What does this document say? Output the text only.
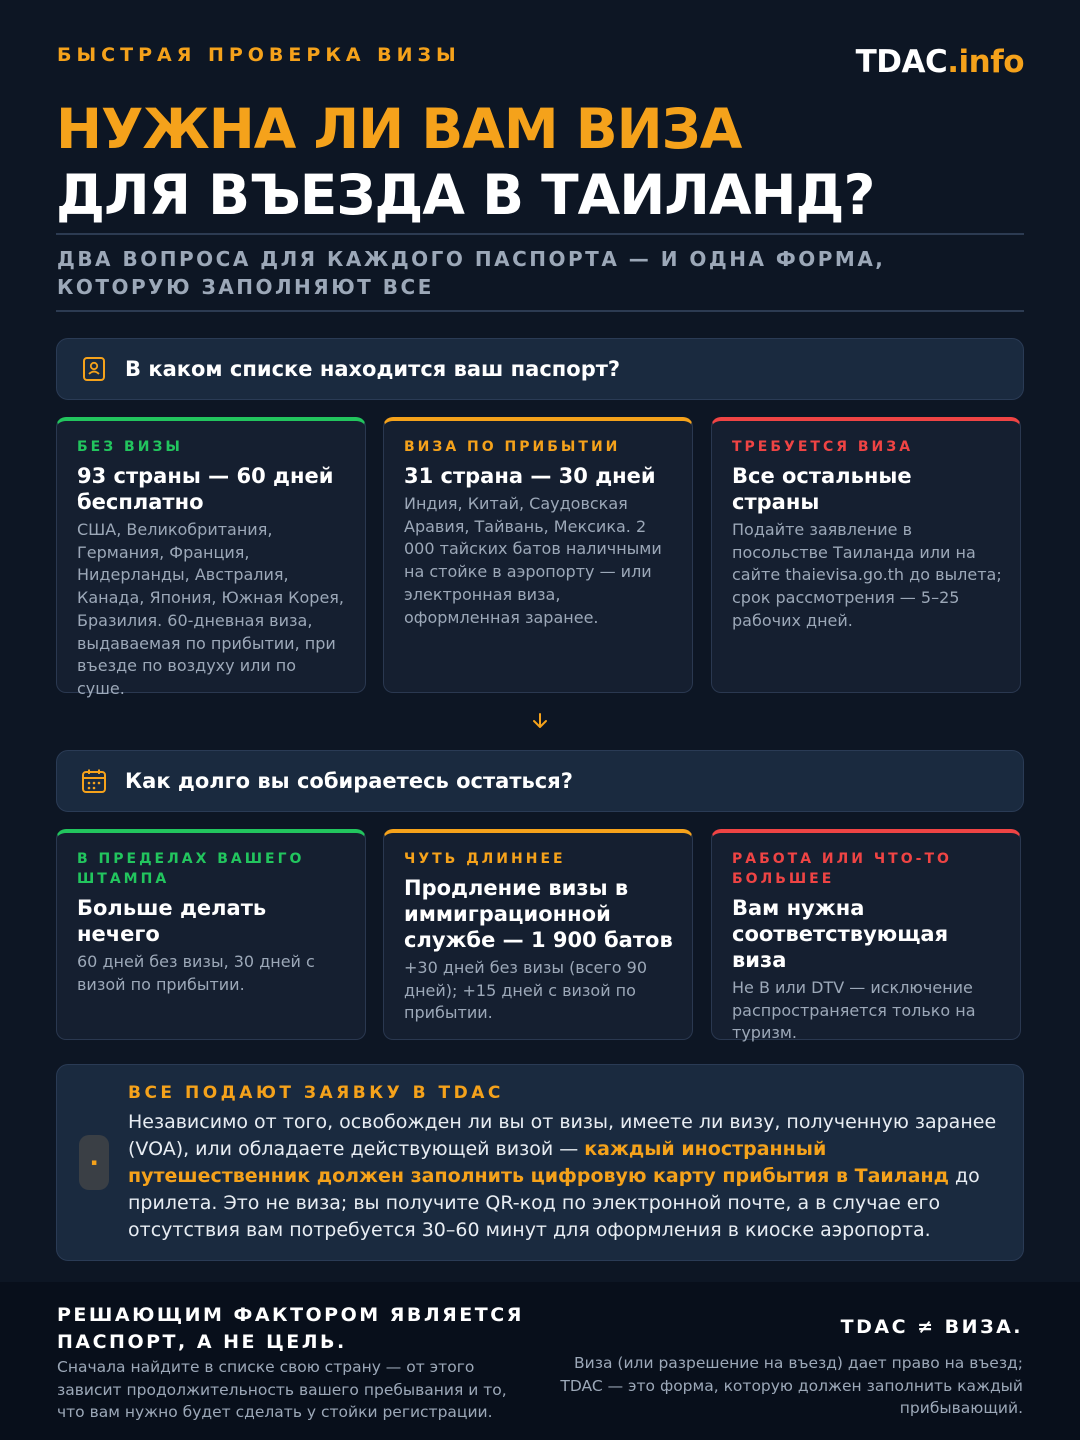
БЫСТРАЯ ПРОВЕРКА ВИЗЫ	TDAC.info
НУЖНА ЛИ ВАМ ВИЗА
ДЛЯ ВЪЕЗДА В ТАИЛАНД?
ДВА ВОПРОСА ДЛЯ КАЖДОГО ПАСПОРТА — И ОДНА ФОРМА, КОТОРУЮ ЗАПОЛНЯЮТ ВСЕ
В каком списке находится ваш паспорт?
БЕЗ ВИЗЫ
93 страны — 60 дней бесплатно
США, Великобритания, Германия, Франция, Нидерланды, Австралия, Канада, Япония, Южная Корея, Бразилия. 60-дневная виза, выдаваемая по прибытии, при въезде по воздуху или по суше.
ВИЗА ПО ПРИБЫТИИ
31 страна — 30 дней
Индия, Китай, Саудовская Аравия, Тайвань, Мексика. 2 000 тайских батов наличными на стойке в аэропорту — или электронная виза, оформленная заранее.
ТРЕБУЕТСЯ ВИЗА
Все остальные страны
Подайте заявление в посольстве Таиланда или на сайте thaievisa.go.th до вылета; срок рассмотрения — 5–25 рабочих дней.
Как долго вы собираетесь остаться?
В ПРЕДЕЛАХ ВАШЕГО ШТАМПА
Больше делать нечего
60 дней без визы, 30 дней с визой по прибытии.
ЧУТЬ ДЛИННЕЕ
Продление визы в иммиграционной службе — 1 900 батов
+30 дней без визы (всего 90 дней); +15 дней с визой по прибытии.
РАБОТА ИЛИ ЧТО-ТО БОЛЬШЕЕ
Вам нужна соответствующая виза
Не В или DTV — исключение распространяется только на туризм.
▪
ВСЕ ПОДАЮТ ЗАЯВКУ В TDAC
Независимо от того, освобожден ли вы от визы, имеете ли визу, полученную заранее (VOA), или обладаете действующей визой — каждый иностранный путешественник должен заполнить цифровую карту прибытия в Таиланд до прилета. Это не виза; вы получите QR-код по электронной почте, а в случае его отсутствия вам потребуется 30–60 минут для оформления в киоске аэропорта.
РЕШАЮЩИМ ФАКТОРОМ ЯВЛЯЕТСЯ ПАСПОРТ, А НЕ ЦЕЛЬ.
Сначала найдите в списке свою страну — от этого зависит продолжительность вашего пребывания и то, что вам нужно будет сделать у стойки регистрации.
TDAC ≠ ВИЗА.
Виза (или разрешение на въезд) дает право на въезд; TDAC — это форма, которую должен заполнить каждый прибывающий.
